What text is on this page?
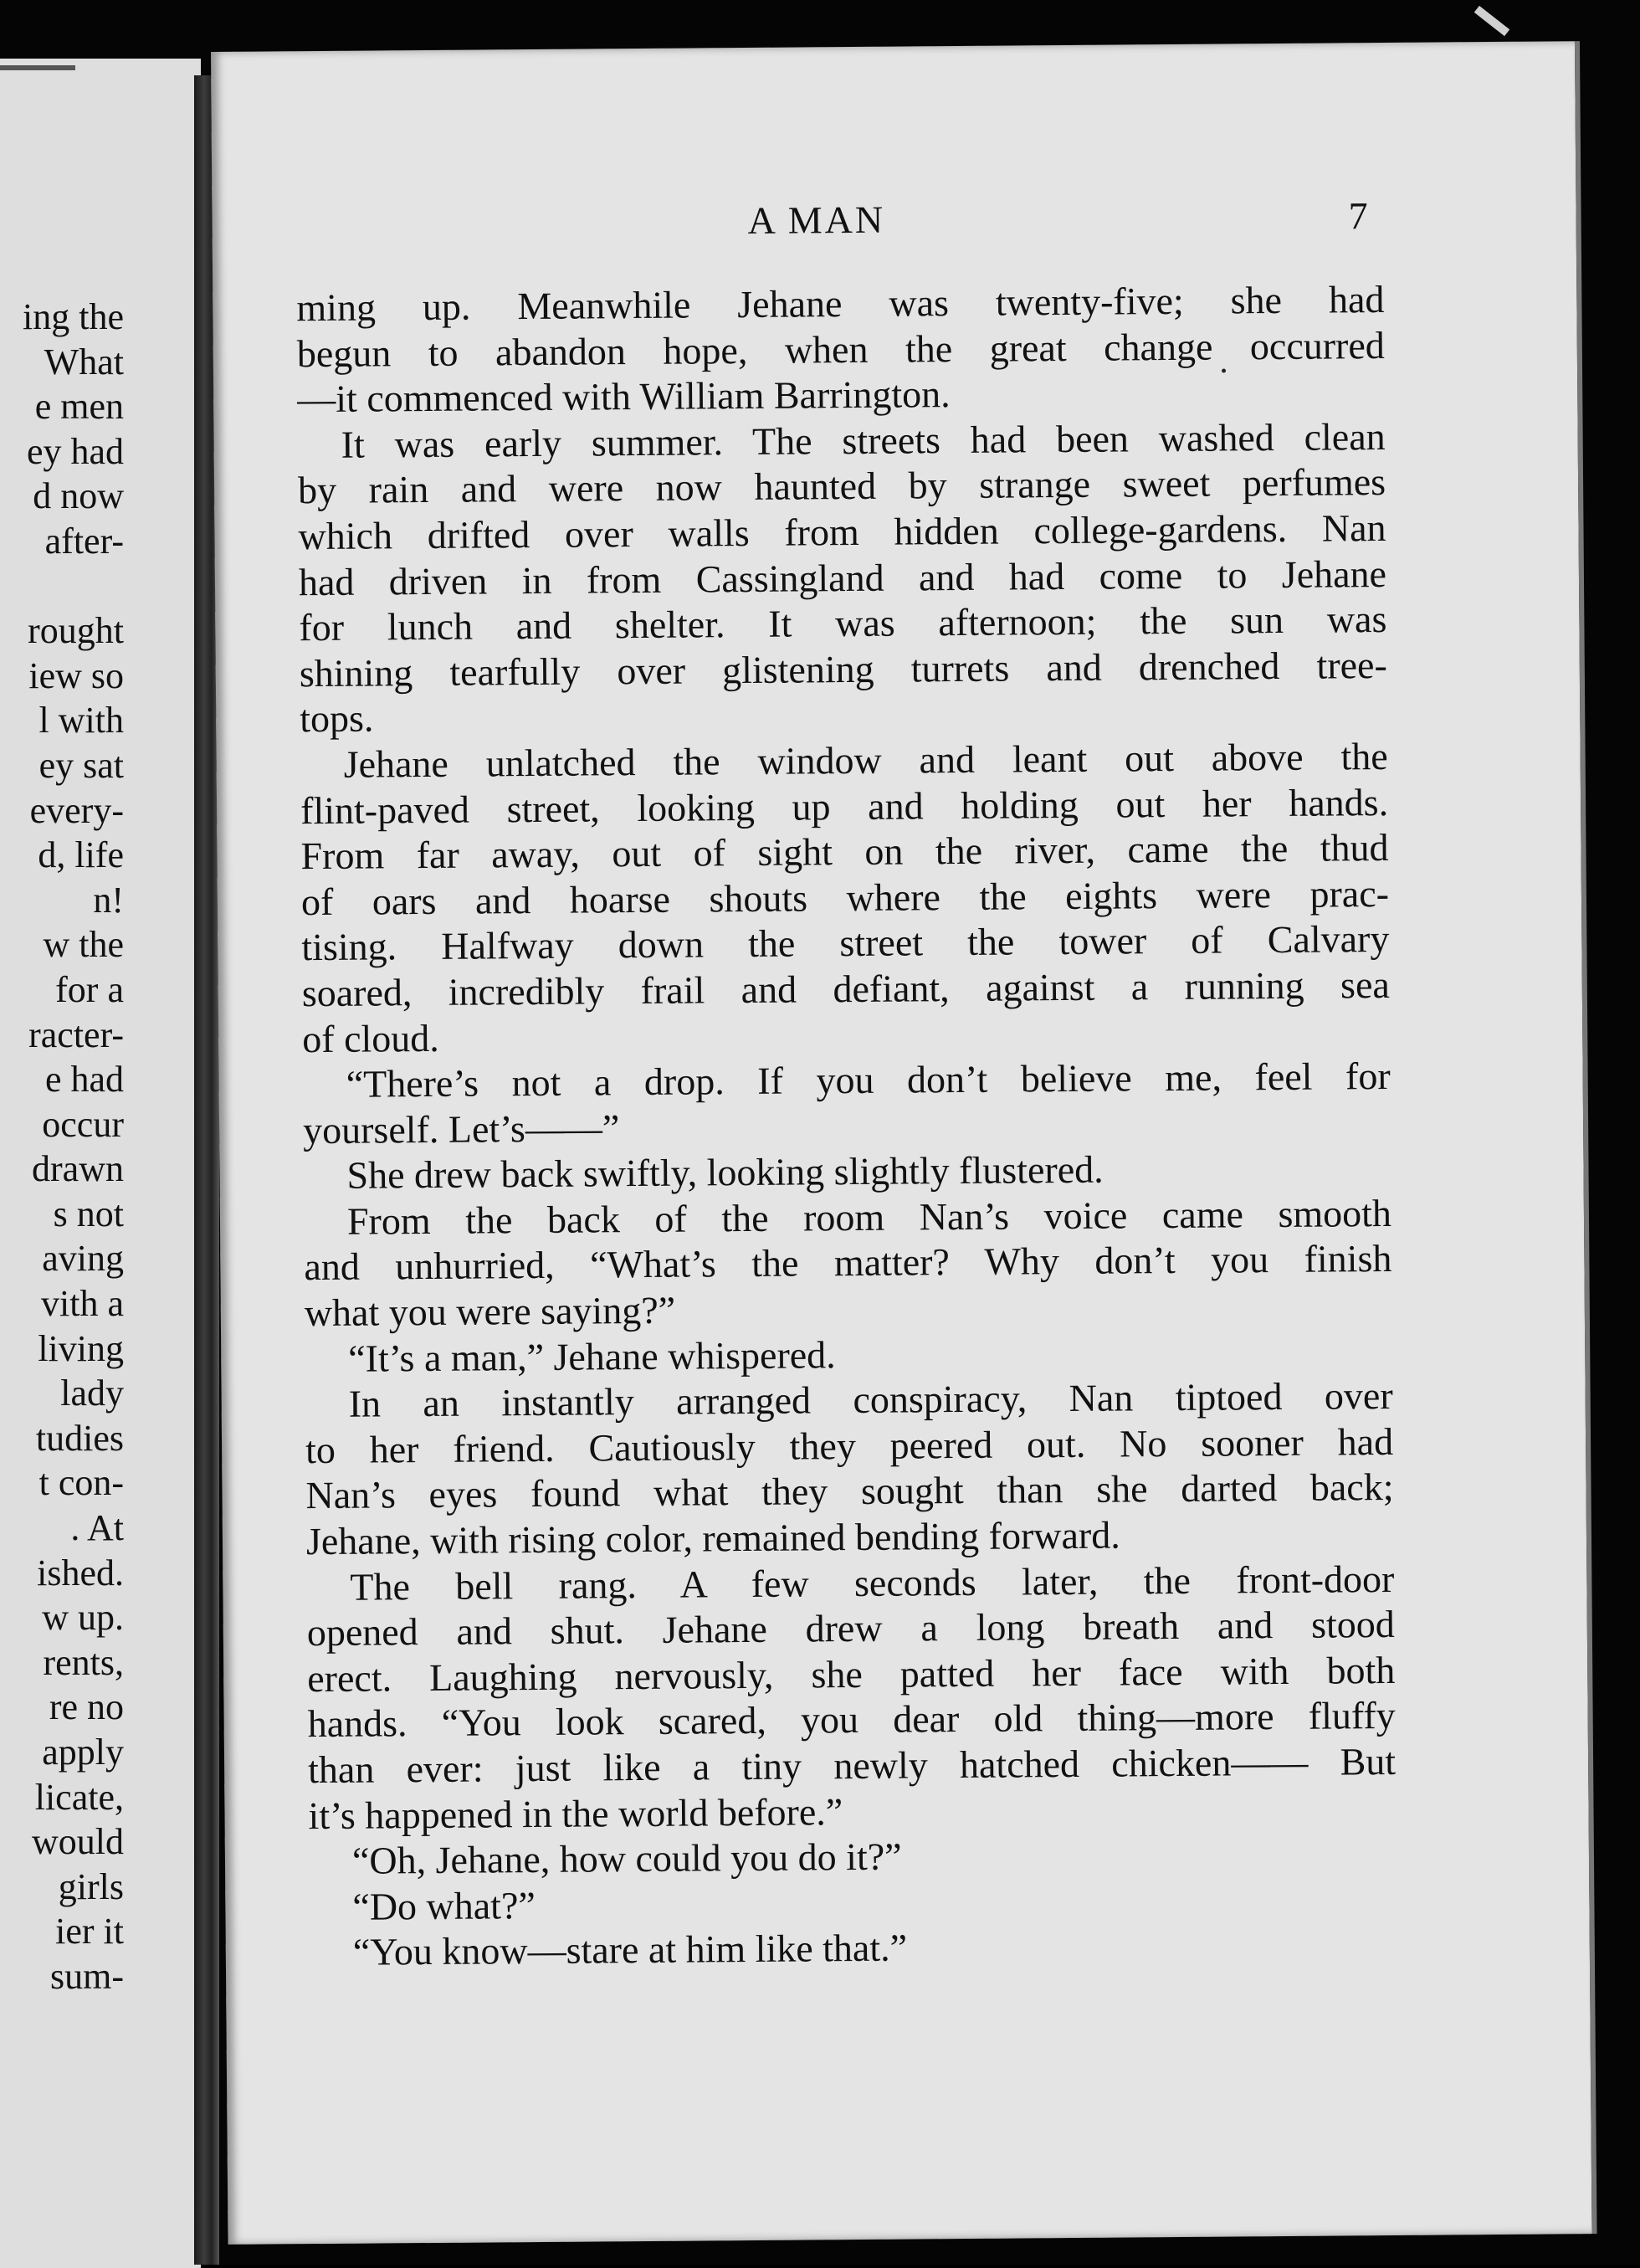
ing the
What
e men
ey had
d now
after-

rought
iew so
l with
ey sat
every-
d, life
n!
w the
for a
racter-
e had
occur
drawn
s not
aving
vith a
living
lady
tudies
t con-
. At
ished.
w up.
rents,
re no
apply
licate,
would
girls
ier it
sum-
A MAN	7
ming up. Meanwhile Jehane was twenty-five; she had
begun to abandon hope, when the great change occurred
—it commenced with William Barrington.
It was early summer. The streets had been washed clean
by rain and were now haunted by strange sweet perfumes
which drifted over walls from hidden college-gardens. Nan
had driven in from Cassingland and had come to Jehane
for lunch and shelter. It was afternoon; the sun was
shining tearfully over glistening turrets and drenched tree-
tops.
Jehane unlatched the window and leant out above the
flint-paved street, looking up and holding out her hands.
From far away, out of sight on the river, came the thud
of oars and hoarse shouts where the eights were prac-
tising. Halfway down the street the tower of Calvary
soared, incredibly frail and defiant, against a running sea
of cloud.
“There’s not a drop. If you don’t believe me, feel for
yourself. Let’s——”
She drew back swiftly, looking slightly flustered.
From the back of the room Nan’s voice came smooth
and unhurried, “What’s the matter? Why don’t you finish
what you were saying?”
“It’s a man,” Jehane whispered.
In an instantly arranged conspiracy, Nan tiptoed over
to her friend. Cautiously they peered out. No sooner had
Nan’s eyes found what they sought than she darted back;
Jehane, with rising color, remained bending forward.
The bell rang. A few seconds later, the front-door
opened and shut. Jehane drew a long breath and stood
erect. Laughing nervously, she patted her face with both
hands. “You look scared, you dear old thing—more fluffy
than ever: just like a tiny newly hatched chicken—— But
it’s happened in the world before.”
“Oh, Jehane, how could you do it?”
“Do what?”
“You know—stare at him like that.”
